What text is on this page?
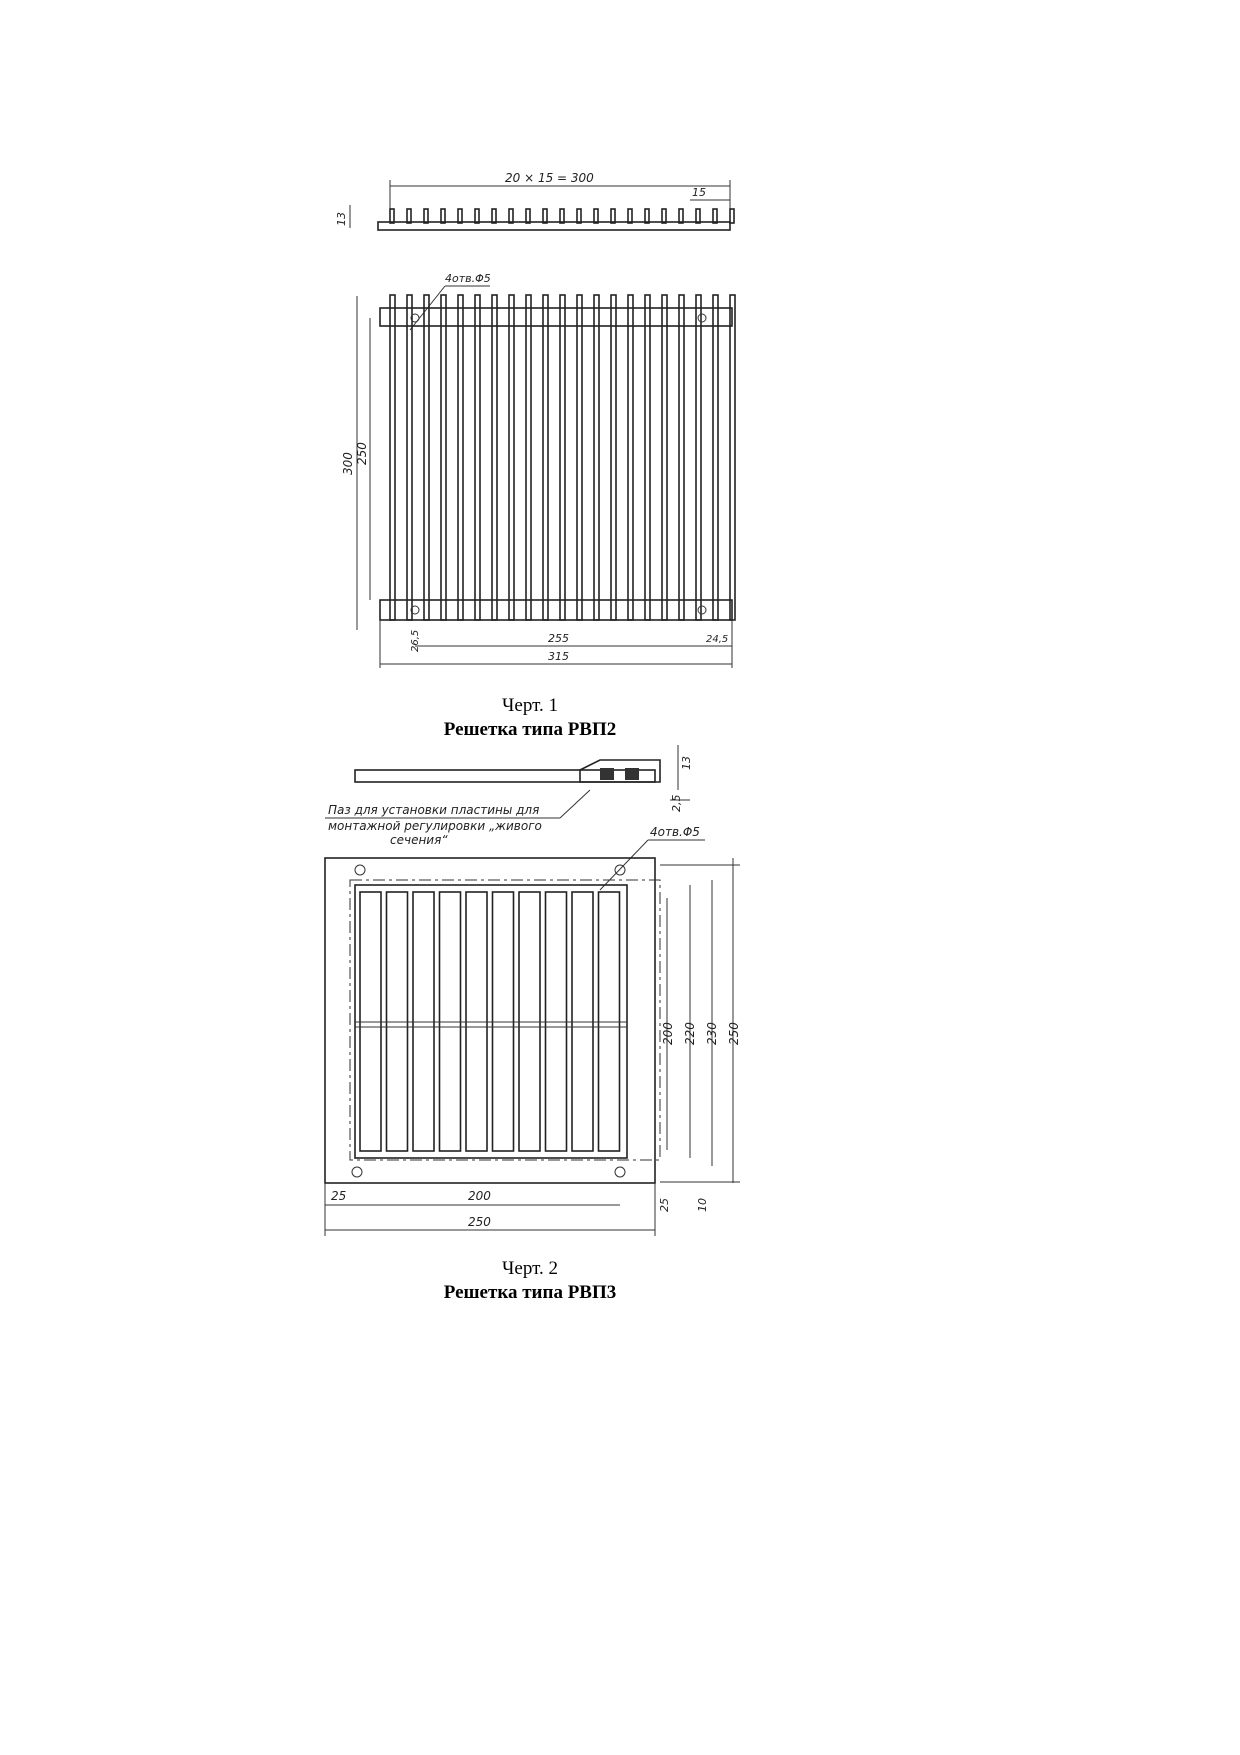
20 × 15 = 300
15
13
4отв.Φ5
300 250
26,5	255	24,5
315
Черт. 1
Решетка типа РВП2
13
2,5
Паз для установки пластины для
монтажной регулировки „живого
сечения“
4отв.Φ5
200 220 230 250
25	200
250
25 10
Черт. 2
Решетка типа РВП3
